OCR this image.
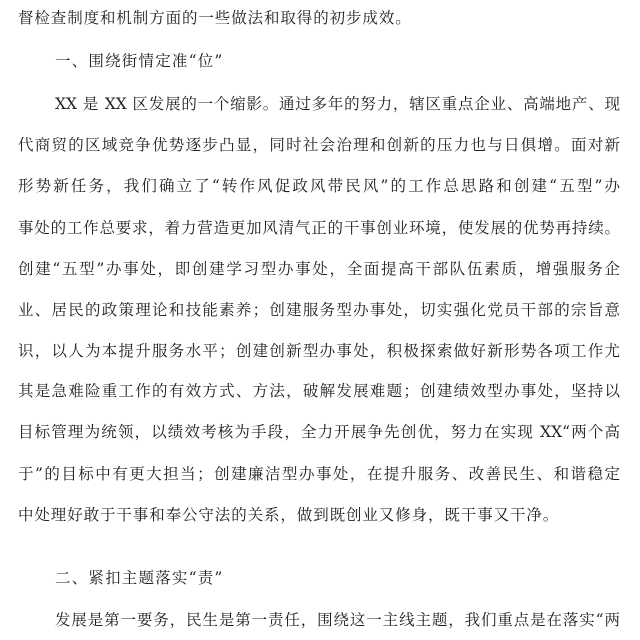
督检查制度和机制方面的一些做法和取得的初步成效。
一、围绕街情定准“位”
XX 是 XX 区发展的一个缩影。通过多年的努力，辖区重点企业、高端地产、现
代商贸的区域竞争优势逐步凸显，同时社会治理和创新的压力也与日俱增。面对新
形势新任务，我们确立了“转作风促政风带民风”的工作总思路和创建“五型”办
事处的工作总要求，着力营造更加风清气正的干事创业环境，使发展的优势再持续。
创建“五型”办事处，即创建学习型办事处，全面提高干部队伍素质，增强服务企
业、居民的政策理论和技能素养；创建服务型办事处，切实强化党员干部的宗旨意
识，以人为本提升服务水平；创建创新型办事处，积极探索做好新形势各项工作尤
其是急难险重工作的有效方式、方法，破解发展难题；创建绩效型办事处，坚持以
目标管理为统领，以绩效考核为手段，全力开展争先创优，努力在实现 XX“两个高
于”的目标中有更大担当；创建廉洁型办事处，在提升服务、改善民生、和谐稳定
中处理好敢于干事和奉公守法的关系，做到既创业又修身，既干事又干净。
二、紧扣主题落实“责”
发展是第一要务，民生是第一责任，围绕这一主线主题，我们重点是在落实“两
